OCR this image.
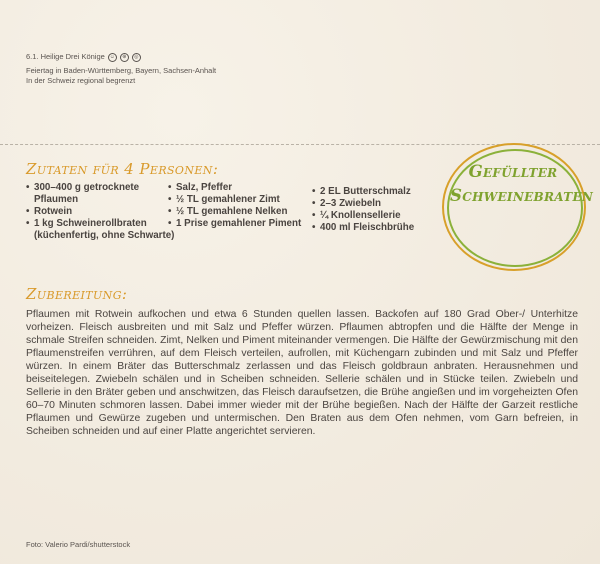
6.1. Heilige Drei Könige ☺	⊕	◎
Feiertag in Baden-Württemberg, Bayern, Sachsen-Anhalt
In der Schweiz regional begrenzt
Gefüllter
Schweinebraten
Zutaten für 4 Personen:
• 300–400 g getrocknete Pflaumen
• Rotwein
• 1 kg Schweinerollbraten (küchenfertig, ohne Schwarte)
• Salz, Pfeffer
• ½ TL gemahlener Zimt
• ½ TL gemahlene Nelken
• 1 Prise gemahlener Piment
• 2 EL Butterschmalz
• 2–3 Zwiebeln
• ¼ Knollensellerie
• 400 ml Fleischbrühe
Zubereitung:
Pflaumen mit Rotwein aufkochen und etwa 6 Stunden quellen lassen. Backofen auf 180 Grad Ober-/ Unterhitze vorheizen. Fleisch ausbreiten und mit Salz und Pfeffer würzen. Pflaumen abtropfen und die Hälfte der Menge in schmale Streifen schneiden. Zimt, Nelken und Piment miteinander vermengen. Die Hälfte der Gewürzmischung mit den Pflaumenstreifen verrühren, auf dem Fleisch verteilen, aufrollen, mit Küchengarn zubinden und mit Salz und Pfeffer würzen. In einem Bräter das Butterschmalz zerlassen und das Fleisch goldbraun anbraten. Herausnehmen und beiseitelegen. Zwiebeln schälen und in Scheiben schneiden. Sellerie schälen und in Stücke teilen. Zwiebeln und Sellerie in den Bräter geben und anschwitzen, das Fleisch daraufsetzen, die Brühe angießen und im vorgeheizten Ofen 60–70 Minuten schmoren lassen. Dabei immer wieder mit der Brühe begießen. Nach der Hälfte der Garzeit restliche Pflaumen und Gewürze zugeben und untermischen. Den Braten aus dem Ofen nehmen, vom Garn befreien, in Scheiben schneiden und auf einer Platte angerichtet servieren.
Foto: Valerio Pardi/shutterstock
